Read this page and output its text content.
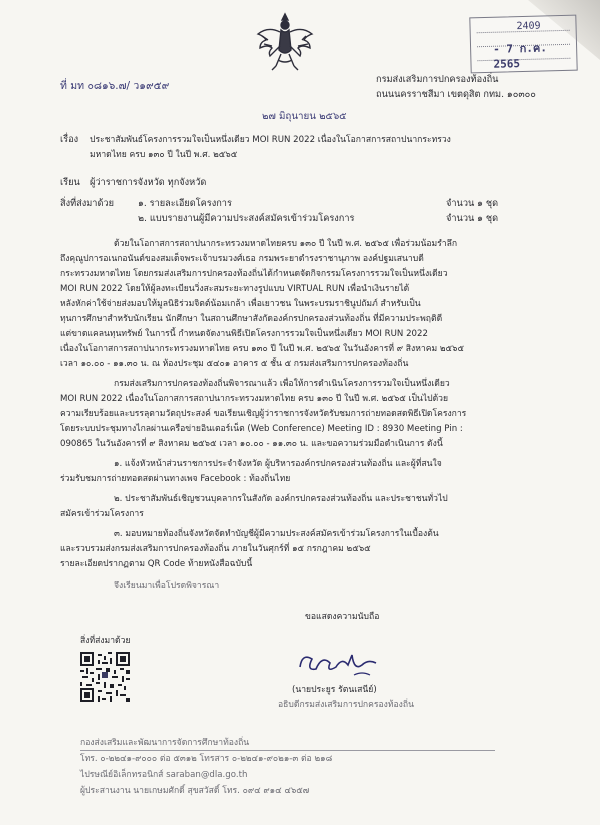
2409
- 7 ก.ค. 2565
ที่ มท ๐๘๑๖.๗/ ว๑๙๕๙
กรมส่งเสริมการปกครองท้องถิ่น
ถนนนครราชสีมา เขตดุสิต กทม. ๑๐๓๐๐
๒๗ มิถุนายน ๒๕๖๕
เรื่อง ประชาสัมพันธ์โครงการรวมใจเป็นหนึ่งเดียว MOI RUN 2022 เนื่องในโอกาสการสถาปนากระทรวง
มหาดไทย ครบ ๑๓๐ ปี ในปี พ.ศ. ๒๕๖๕
เรียน ผู้ว่าราชการจังหวัด ทุกจังหวัด
สิ่งที่ส่งมาด้วย	๑. รายละเอียดโครงการ	จำนวน ๑ ชุด
๒. แบบรายงานผู้มีความประสงค์สมัครเข้าร่วมโครงการ	จำนวน ๑ ชุด
ด้วยในโอกาสการสถาปนากระทรวงมหาดไทยครบ ๑๓๐ ปี ในปี พ.ศ. ๒๕๖๕ เพื่อร่วมน้อมรำลึก
ถึงคุณูปการอเนกอนันต์ของสมเด็จพระเจ้าบรมวงศ์เธอ กรมพระยาดำรงราชานุภาพ องค์ปฐมเสนาบดี
กระทรวงมหาดไทย โดยกรมส่งเสริมการปกครองท้องถิ่นได้กำหนดจัดกิจกรรมโครงการรวมใจเป็นหนึ่งเดียว
MOI RUN 2022 โดยให้ผู้ลงทะเบียนวิ่งสะสมระยะทางรูปแบบ VIRTUAL RUN เพื่อนำเงินรายได้
หลังหักค่าใช้จ่ายส่งมอบให้มูลนิธิร่วมจิตต์น้อมเกล้า เพื่อเยาวชน ในพระบรมราชินูปถัมภ์ สำหรับเป็น
ทุนการศึกษาสำหรับนักเรียน นักศึกษา ในสถานศึกษาสังกัดองค์กรปกครองส่วนท้องถิ่น ที่มีความประพฤติดี
แต่ขาดแคลนทุนทรัพย์ ในการนี้ กำหนดจัดงานพิธีเปิดโครงการรวมใจเป็นหนึ่งเดียว MOI RUN 2022
เนื่องในโอกาสการสถาปนากระทรวงมหาดไทย ครบ ๑๓๐ ปี ในปี พ.ศ. ๒๕๖๕ ในวันอังคารที่ ๙ สิงหาคม ๒๕๖๕
เวลา ๑๐.๐๐ - ๑๑.๓๐ น. ณ ห้องประชุม ๕๔๐๑ อาคาร ๕ ชั้น ๕ กรมส่งเสริมการปกครองท้องถิ่น
กรมส่งเสริมการปกครองท้องถิ่นพิจารณาแล้ว เพื่อให้การดำเนินโครงการรวมใจเป็นหนึ่งเดียว
MOI RUN 2022 เนื่องในโอกาสการสถาปนากระทรวงมหาดไทย ครบ ๑๓๐ ปี ในปี พ.ศ. ๒๕๖๕ เป็นไปด้วย
ความเรียบร้อยและบรรลุตามวัตถุประสงค์ ขอเรียนเชิญผู้ว่าราชการจังหวัดรับชมการถ่ายทอดสดพิธีเปิดโครงการ
โดยระบบประชุมทางไกลผ่านเครือข่ายอินเตอร์เน็ต (Web Conference) Meeting ID : 8930 Meeting Pin :
090865 ในวันอังคารที่ ๙ สิงหาคม ๒๕๖๕ เวลา ๑๐.๐๐ - ๑๑.๓๐ น. และขอความร่วมมือดำเนินการ ดังนี้
๑. แจ้งหัวหน้าส่วนราชการประจำจังหวัด ผู้บริหารองค์กรปกครองส่วนท้องถิ่น และผู้ที่สนใจ
ร่วมรับชมการถ่ายทอดสดผ่านทางเพจ Facebook : ท้องถิ่นไทย
๒. ประชาสัมพันธ์เชิญชวนบุคลากรในสังกัด องค์กรปกครองส่วนท้องถิ่น และประชาชนทั่วไป
สมัครเข้าร่วมโครงการ
๓. มอบหมายท้องถิ่นจังหวัดจัดทำบัญชีผู้มีความประสงค์สมัครเข้าร่วมโครงการในเบื้องต้น
และรวบรวมส่งกรมส่งเสริมการปกครองท้องถิ่น ภายในวันศุกร์ที่ ๑๕ กรกฎาคม ๒๕๖๕
รายละเอียดปรากฏตาม QR Code ท้ายหนังสือฉบับนี้
จึงเรียนมาเพื่อโปรดพิจารณา
ขอแสดงความนับถือ
สิ่งที่ส่งมาด้วย
(นายประยูร รัตนเสนีย์)
อธิบดีกรมส่งเสริมการปกครองท้องถิ่น
กองส่งเสริมและพัฒนาการจัดการศึกษาท้องถิ่น
โทร. ๐-๒๒๔๑-๙๐๐๐ ต่อ ๕๓๑๒ โทรสาร ๐-๒๒๔๑-๙๐๒๑-๓ ต่อ ๒๑๘
ไปรษณีย์อิเล็กทรอนิกส์ saraban@dla.go.th
ผู้ประสานงาน นายเกษมศักดิ์ สุขสวัสดิ์ โทร. ๐๙๔ ๙๑๔ ๔๖๕๗
